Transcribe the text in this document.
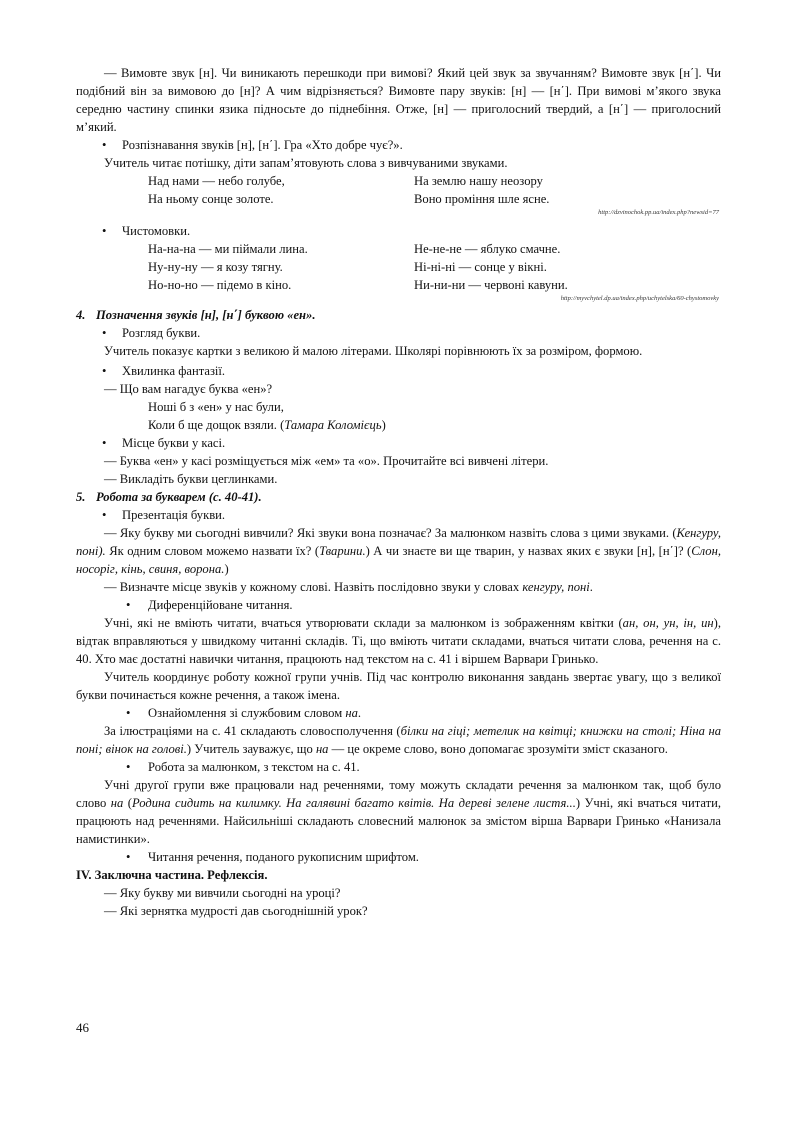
— Вимовте звук [н]. Чи виникають перешкоди при вимові? Який цей звук за звучанням? Вимовте звук [н΄]. Чи подібний він за вимовою до [н]? А чим відрізняється? Вимовте пару звуків: [н] — [н΄]. При вимові м’якого звука середню частину спинки язика підносьте до піднебіння. Отже, [н] — приголосний твердий, а [н΄] — приголосний м’який.

• Розпізнавання звуків [н], [н΄]. Гра «Хто добре чує?».

Учитель читає потішку, діти запам’ятовують слова з вивчуваними звуками.

Над нами — небо голубе,
На ньому сонце золоте.
На землю нашу неозору
Воно проміння шле ясне.
http://dzvinochok.pp.ua/index.php?newsid=77

• Чистомовки.

На-на-на — ми піймали лина.
Ну-ну-ну — я козу тягну.
Но-но-но — підемо в кіно.
Не-не-не — яблуко смачне.
Ні-ні-ні — сонце у вікні.
Ни-ни-ни — червоні кавуни.
http://myvchytel.dp.ua/index.php/uchytelska/60-chystomovky

4. Позначення звуків [н], [н΄] буквою «ен».

• Розгляд букви.

Учитель показує картки з великою й малою літерами. Школярі порівнюють їх за розміром, формою.

• Хвилинка фантазії.

— Що вам нагадує буква «ен»?

Ноші б з «ен» у нас були,
Коли б ще дощок взяли. (Тамара Коломієць)

• Місце букви у касі.

— Буква «ен» у касі розміщується між «ем» та «о». Прочитайте всі вивчені літери.

— Викладіть букви цеглинками.

5. Робота за букварем (с. 40-41).

• Презентація букви.

— Яку букву ми сьогодні вивчили? Які звуки вона позначає? За малюнком назвіть слова з цими звуками. (Кенгуру, поні). Як одним словом можемо назвати їх? (Тварини.) А чи знаєте ви ще тварин, у назвах яких є звуки [н], [н΄]? (Слон, носоріг, кінь, свиня, ворона.)

— Визначте місце звуків у кожному слові. Назвіть послідовно звуки у словах кенгуру, поні.

• Диференційоване читання.

Учні, які не вміють читати, вчаться утворювати склади за малюнком із зображенням квітки (ан, он, ун, ін, ин), відтак вправляються у швидкому читанні складів. Ті, що вміють читати складами, вчаться читати слова, речення на с. 40. Хто має достатні навички читання, працюють над текстом на с. 41 і віршем Варвари Гринько.

Учитель координує роботу кожної групи учнів. Під час контролю виконання завдань звертає увагу, що з великої букви починається кожне речення, а також імена.

• Ознайомлення зі службовим словом на.

За ілюстраціями на с. 41 складають словосполучення (білки на гіці; метелик на квітці; книжки на столі; Ніна на поні; вінок на голові.) Учитель зауважує, що на — це окреме слово, воно допомагає зрозуміти зміст сказаного.

• Робота за малюнком, з текстом на с. 41.

Учні другої групи вже працювали над реченнями, тому можуть складати речення за малюнком так, щоб було слово на (Родина сидить на килимку. На галявині багато квітів. На дереві зелене листя...) Учні, які вчаться читати, працюють над реченнями. Найсильніші складають словесний малюнок за змістом вірша Варвари Гринько «Нанизала намистинки».

• Читання речення, поданого рукописним шрифтом.

IV. Заключна частина. Рефлексія.

— Яку букву ми вивчили сьогодні на уроці?

— Які зернятка мудрості дав сьогоднішній урок?

46
